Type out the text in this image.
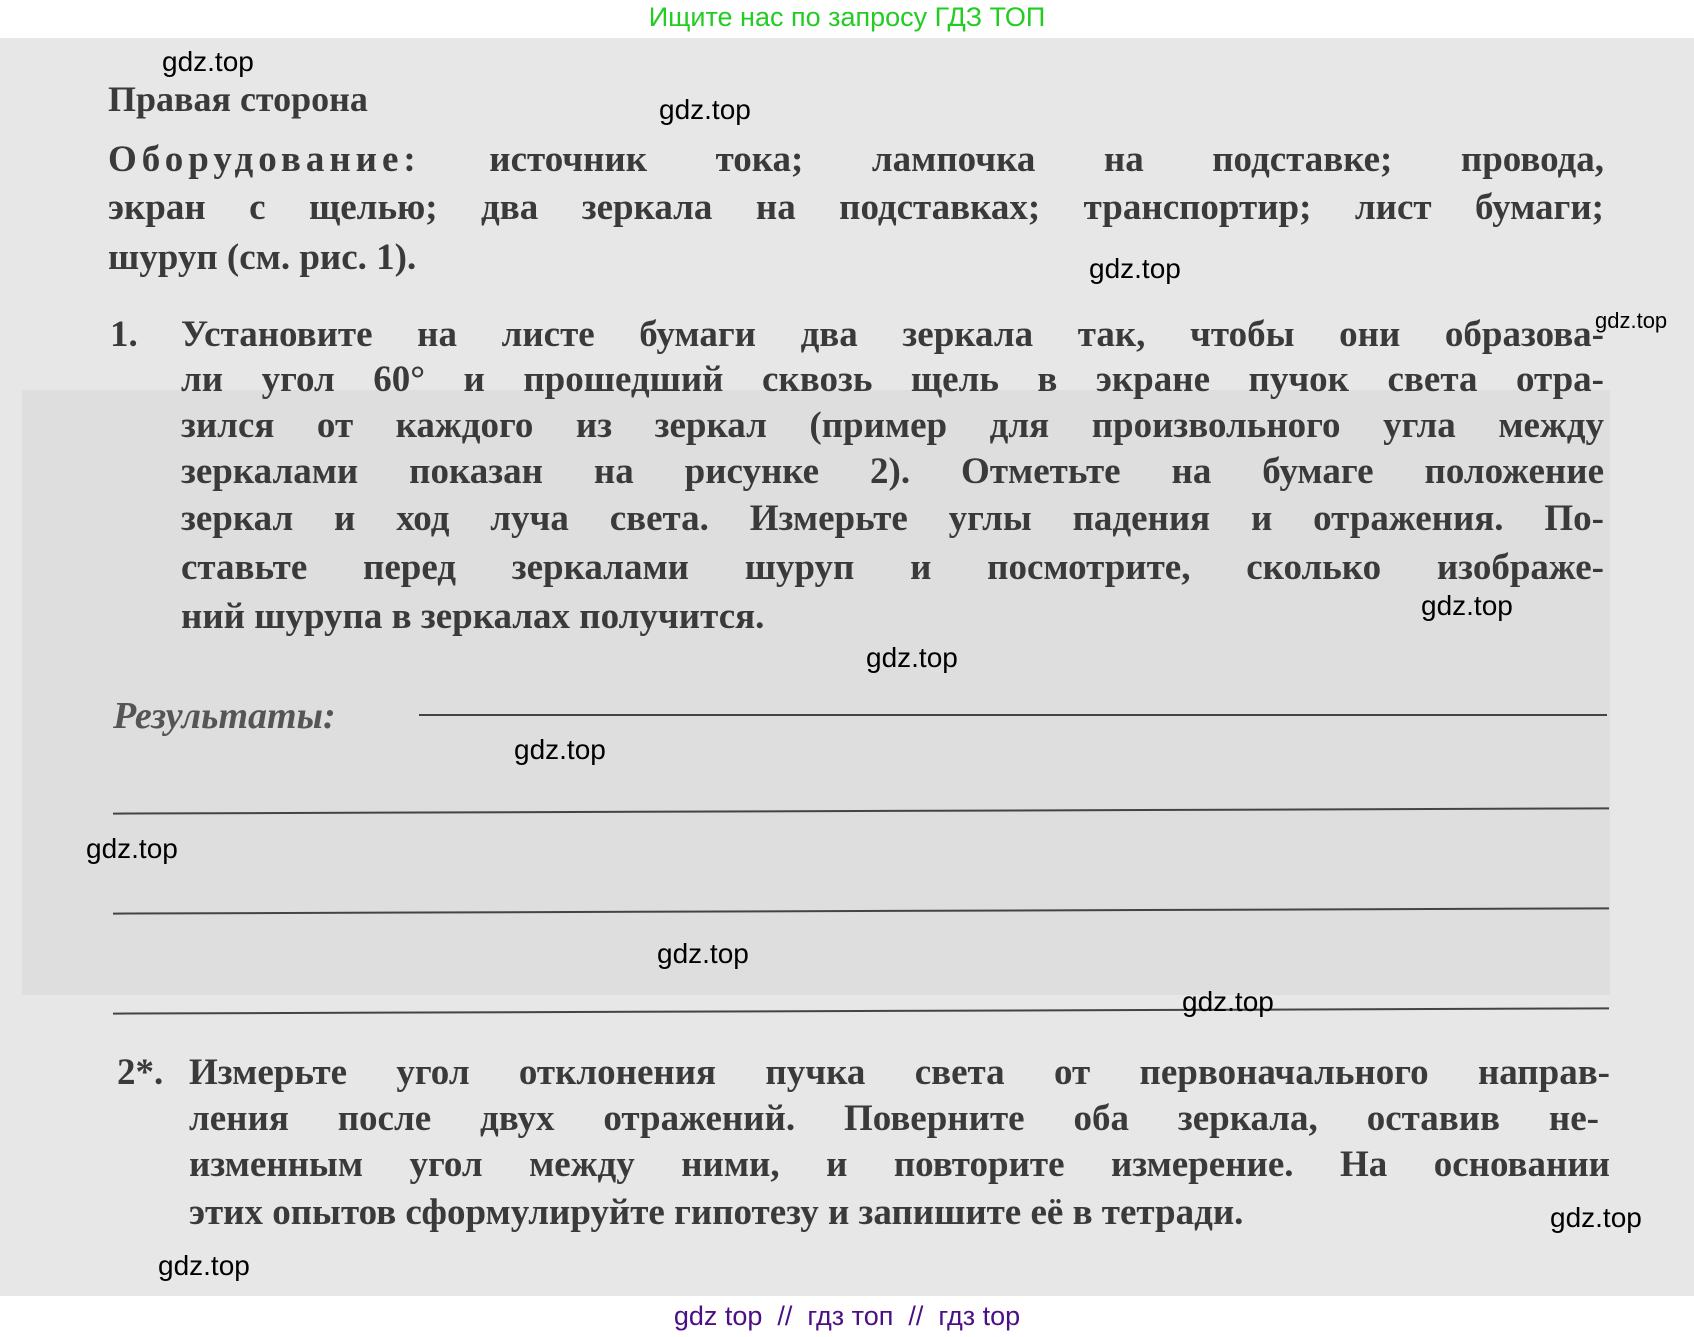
Ищите нас по запросу ГДЗ ТОП
Правая сторона
Оборудование: источник тока; лампочка на подставке; провода,
экран с щелью; два зеркала на подставках; транспортир; лист бумаги;
шуруп (см. рис. 1).
1. Установите на листе бумаги два зеркала так, чтобы они образова-
ли угол 60° и прошедший сквозь щель в экране пучок света отра-
зился от каждого из зеркал (пример для произвольного угла между
зеркалами показан на рисунке 2). Отметьте на бумаге положение
зеркал и ход луча света. Измерьте углы падения и отражения. По-
ставьте перед зеркалами шуруп и посмотрите, сколько изображе-
ний шурупа в зеркалах получится.
Результаты:
2*. Измерьте угол отклонения пучка света от первоначального направ-
ления после двух отражений. Поверните оба зеркала, оставив не-
изменным угол между ними, и повторите измерение. На основании
этих опытов сформулируйте гипотезу и запишите её в тетради.
gdz.top
gdz.top
gdz.top
gdz.top
gdz.top
gdz.top
gdz.top
gdz.top
gdz.top
gdz.top
gdz.top
gdz.top
gdz top  //  гдз топ  //  гдз top
